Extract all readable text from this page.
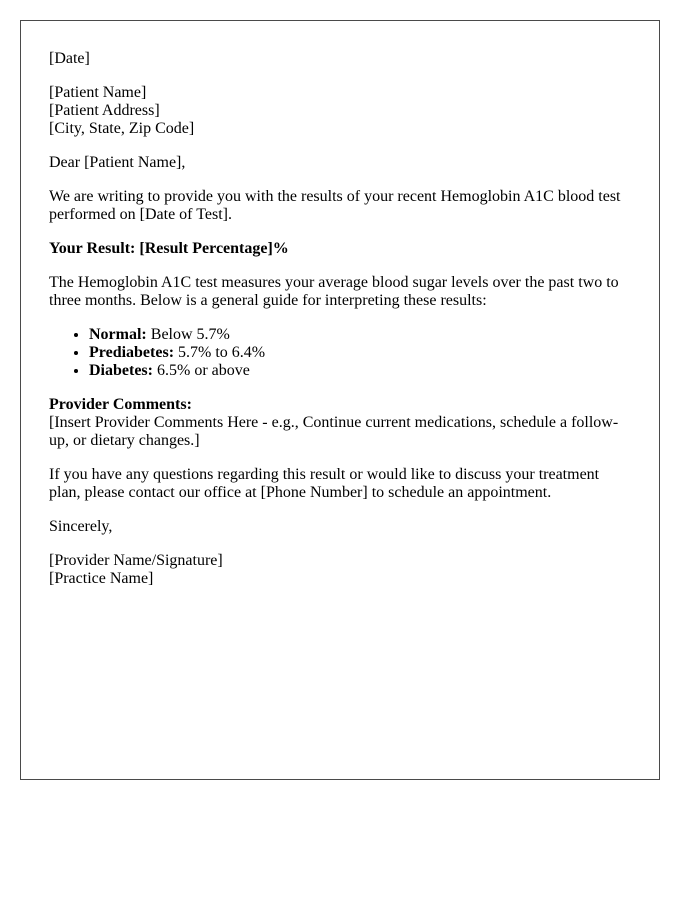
[Date]

[Patient Name]
[Patient Address]
[City, State, Zip Code]

Dear [Patient Name],

We are writing to provide you with the results of your recent Hemoglobin A1C blood test performed on [Date of Test].

Your Result: [Result Percentage]%

The Hemoglobin A1C test measures your average blood sugar levels over the past two to three months. Below is a general guide for interpreting these results:

• Normal: Below 5.7%
• Prediabetes: 5.7% to 6.4%
• Diabetes: 6.5% or above

Provider Comments:
[Insert Provider Comments Here - e.g., Continue current medications, schedule a follow-up, or dietary changes.]

If you have any questions regarding this result or would like to discuss your treatment plan, please contact our office at [Phone Number] to schedule an appointment.

Sincerely,

[Provider Name/Signature]
[Practice Name]
